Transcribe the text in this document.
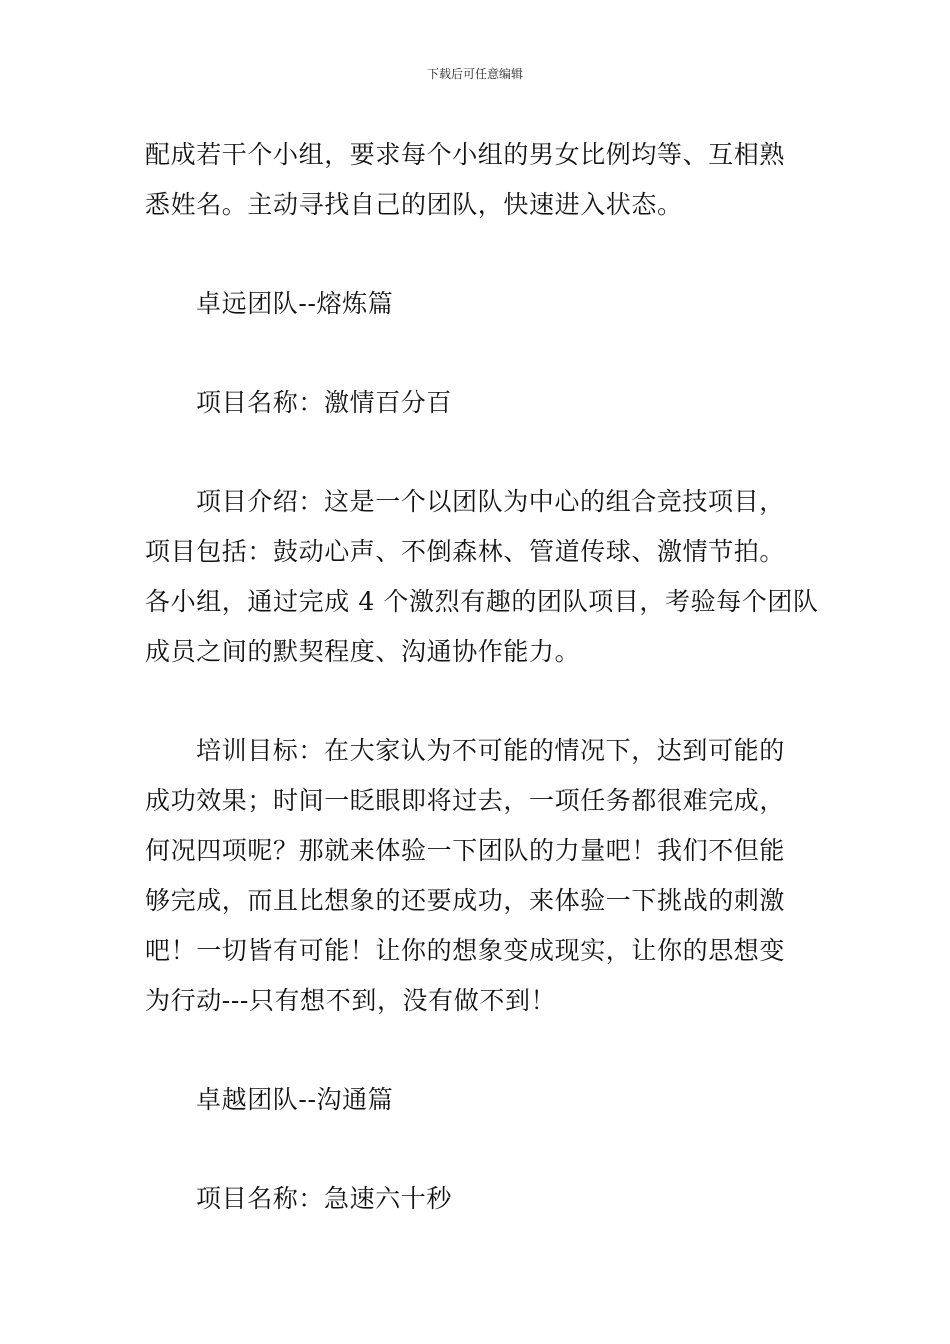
下载后可任意编辑

配成若干个小组，要求每个小组的男女比例均等、互相熟
悉姓名。主动寻找自己的团队，快速进入状态。

卓远团队--熔炼篇

项目名称：激情百分百

项目介绍：这是一个以团队为中心的组合竞技项目，
项目包括：鼓动心声、不倒森林、管道传球、激情节拍。
各小组，通过完成 4 个激烈有趣的团队项目，考验每个团队
成员之间的默契程度、沟通协作能力。

培训目标：在大家认为不可能的情况下，达到可能的
成功效果；时间一眨眼即将过去，一项任务都很难完成，
何况四项呢？那就来体验一下团队的力量吧！我们不但能
够完成，而且比想象的还要成功，来体验一下挑战的刺激
吧！一切皆有可能！让你的想象变成现实，让你的思想变
为行动---只有想不到，没有做不到！

卓越团队--沟通篇

项目名称：急速六十秒
